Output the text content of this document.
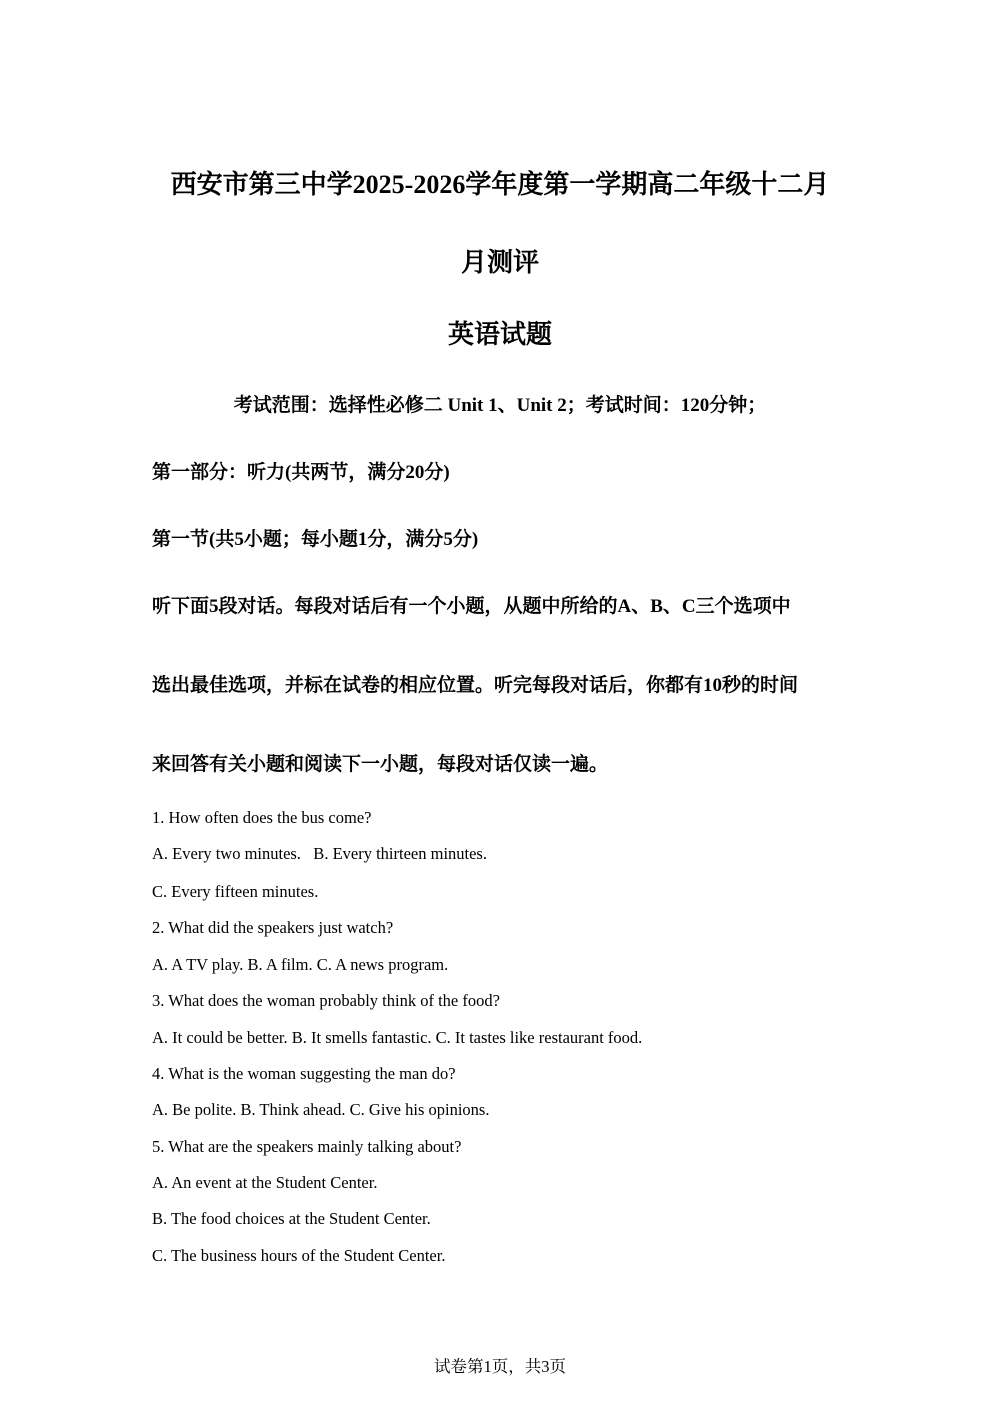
西安市第三中学2025-2026学年度第一学期高二年级十二月
月测评
英语试题
考试范围：选择性必修二 Unit 1、Unit 2；考试时间：120分钟；
第一部分：听力(共两节，满分20分)
第一节(共5小题；每小题1分，满分5分)
听下面5段对话。每段对话后有一个小题，从题中所给的A、B、C三个选项中
选出最佳选项，并标在试卷的相应位置。听完每段对话后，你都有10秒的时间
来回答有关小题和阅读下一小题，每段对话仅读一遍。
1. How often does the bus come?
A. Every two minutes.   B. Every thirteen minutes.
C. Every fifteen minutes.
2. What did the speakers just watch?
A. A TV play. B. A film. C. A news program.
3. What does the woman probably think of the food?
A. It could be better. B. It smells fantastic. C. It tastes like restaurant food.
4. What is the woman suggesting the man do?
A. Be polite. B. Think ahead. C. Give his opinions.
5. What are the speakers mainly talking about?
A. An event at the Student Center.
B. The food choices at the Student Center.
C. The business hours of the Student Center.
试卷第1页，共3页
